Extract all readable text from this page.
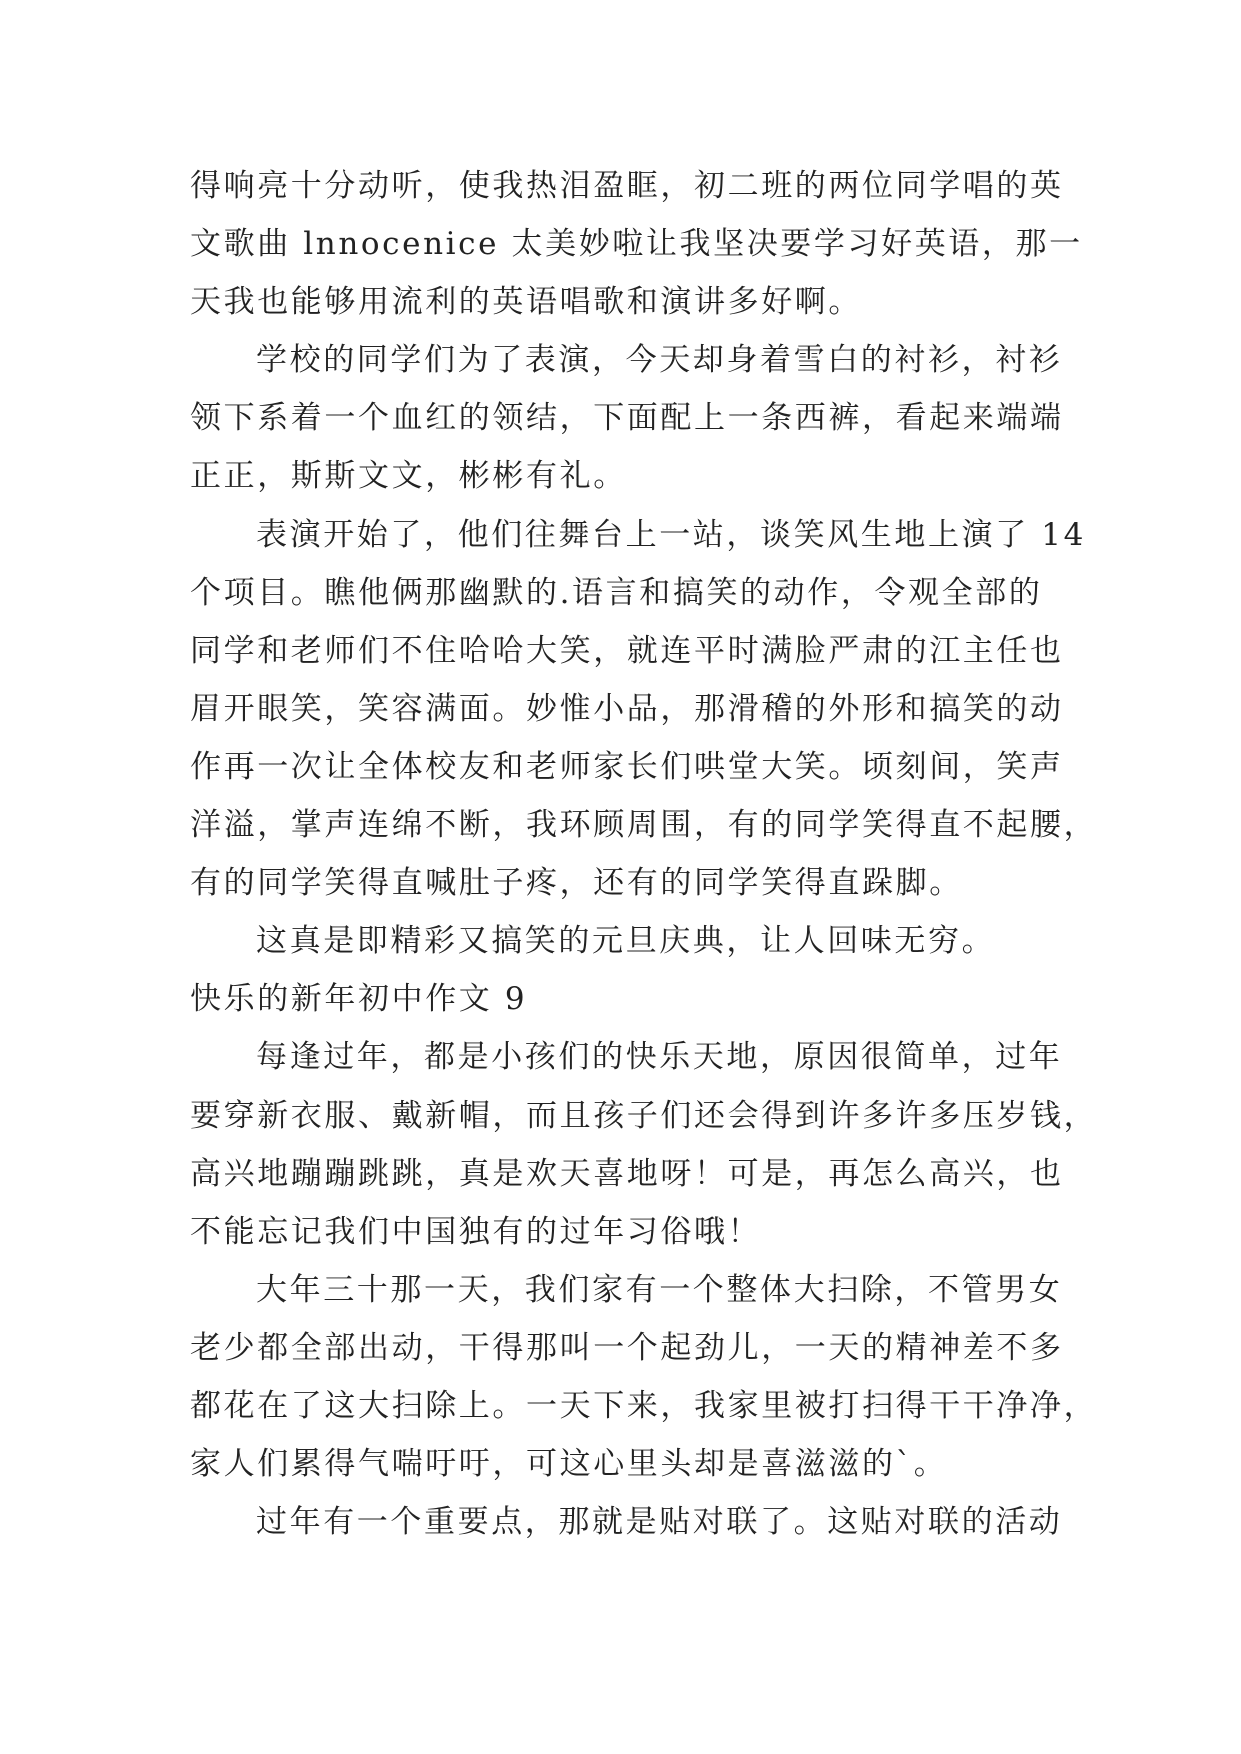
得响亮十分动听，使我热泪盈眶，初二班的两位同学唱的英
文歌曲 lnnocenice 太美妙啦让我坚决要学习好英语，那一
天我也能够用流利的英语唱歌和演讲多好啊。
学校的同学们为了表演，今天却身着雪白的衬衫，衬衫
领下系着一个血红的领结，下面配上一条西裤，看起来端端
正正，斯斯文文，彬彬有礼。
表演开始了，他们往舞台上一站，谈笑风生地上演了 14
个项目。瞧他俩那幽默的.语言和搞笑的动作，令观全部的
同学和老师们不住哈哈大笑，就连平时满脸严肃的江主任也
眉开眼笑，笑容满面。妙惟小品，那滑稽的外形和搞笑的动
作再一次让全体校友和老师家长们哄堂大笑。顷刻间，笑声
洋溢，掌声连绵不断，我环顾周围，有的同学笑得直不起腰，
有的同学笑得直喊肚子疼，还有的同学笑得直跺脚。
这真是即精彩又搞笑的元旦庆典，让人回味无穷。
快乐的新年初中作文 9
每逢过年，都是小孩们的快乐天地，原因很简单，过年
要穿新衣服、戴新帽，而且孩子们还会得到许多许多压岁钱，
高兴地蹦蹦跳跳，真是欢天喜地呀！可是，再怎么高兴，也
不能忘记我们中国独有的过年习俗哦！
大年三十那一天，我们家有一个整体大扫除，不管男女
老少都全部出动，干得那叫一个起劲儿，一天的精神差不多
都花在了这大扫除上。一天下来，我家里被打扫得干干净净，
家人们累得气喘吁吁，可这心里头却是喜滋滋的`。
过年有一个重要点，那就是贴对联了。这贴对联的活动
